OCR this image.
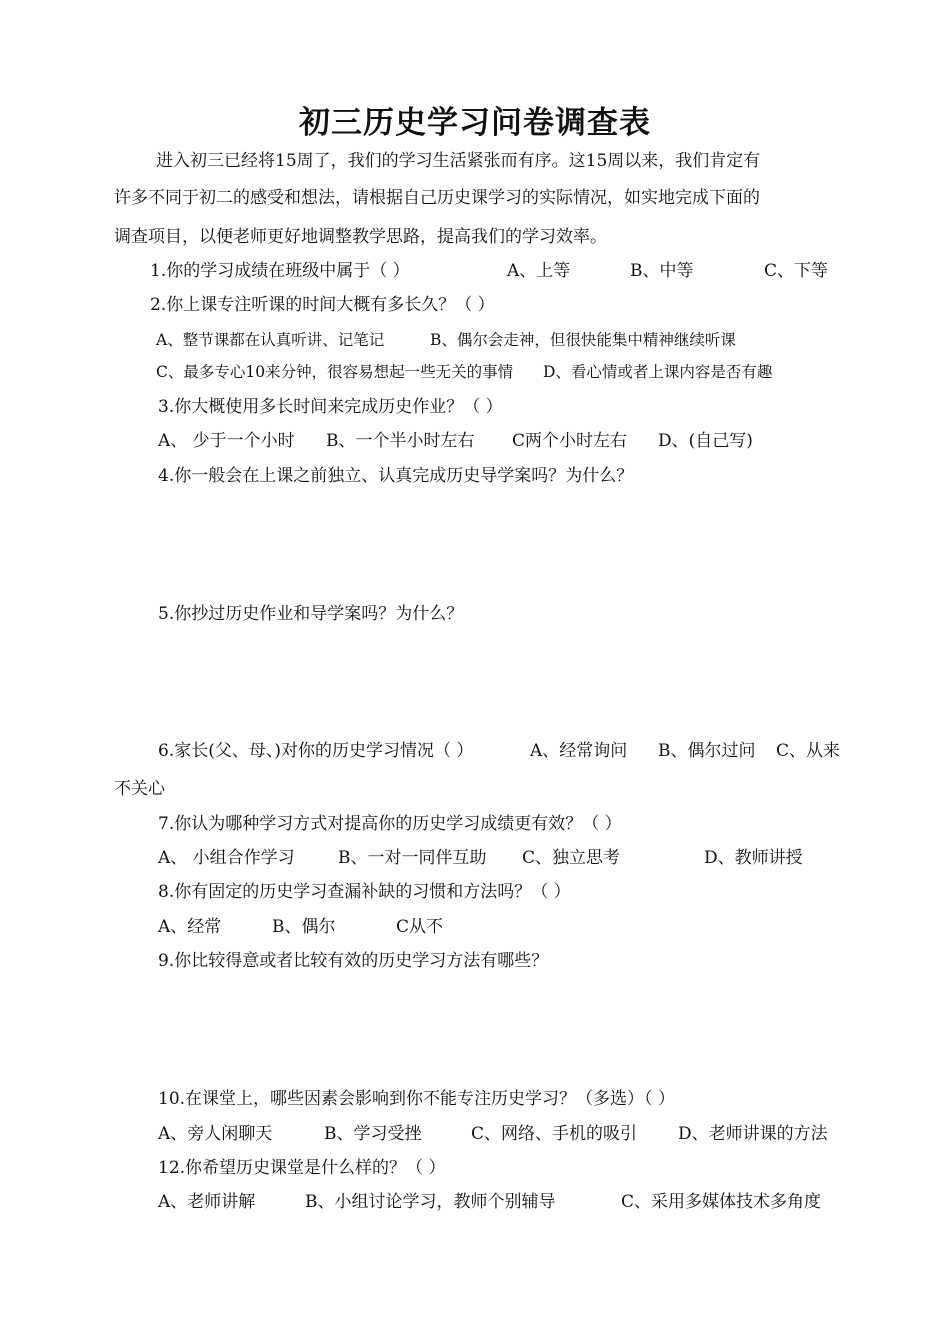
初三历史学习问卷调查表
进入初三已经将15周了，我们的学习生活紧张而有序。这15周以来，我们肯定有
许多不同于初二的感受和想法，请根据自己历史课学习的实际情况，如实地完成下面的
调查项目，以便老师更好地调整教学思路，提高我们的学习效率。
1.你的学习成绩在班级中属于（ ）	A、上等	B、中等	C、下等
2.你上课专注听课的时间大概有多长久？（ ）
A、整节课都在认真听讲、记笔记	B、偶尔会走神，但很快能集中精神继续听课
C、最多专心10来分钟，很容易想起一些无关的事情 D、看心情或者上课内容是否有趣
3.你大概使用多长时间来完成历史作业？（ ）
A、 少于一个小时 B、一个半小时左右 C两个小时左右 D、(自己写)
4.你一般会在上课之前独立、认真完成历史导学案吗？为什么？
5.你抄过历史作业和导学案吗？为什么？
6.家长(父、母、)对你的历史学习情况（ ）	A、经常询问 B、偶尔过问 C、从来
不关心
7.你认为哪种学习方式对提高你的历史学习成绩更有效？（ ）
A、 小组合作学习	B、一对一同伴互助 C、独立思考	D、教师讲授
8.你有固定的历史学习查漏补缺的习惯和方法吗？（ ）
A、经常	B、偶尔	C从不
9.你比较得意或者比较有效的历史学习方法有哪些？
10.在课堂上，哪些因素会影响到你不能专注历史学习？（多选）（ ）
A、旁人闲聊天	B、学习受挫	C、网络、手机的吸引 D、老师讲课的方法
12.你希望历史课堂是什么样的？（ ）
A、老师讲解	B、小组讨论学习，教师个别辅导	C、采用多媒体技术多角度
